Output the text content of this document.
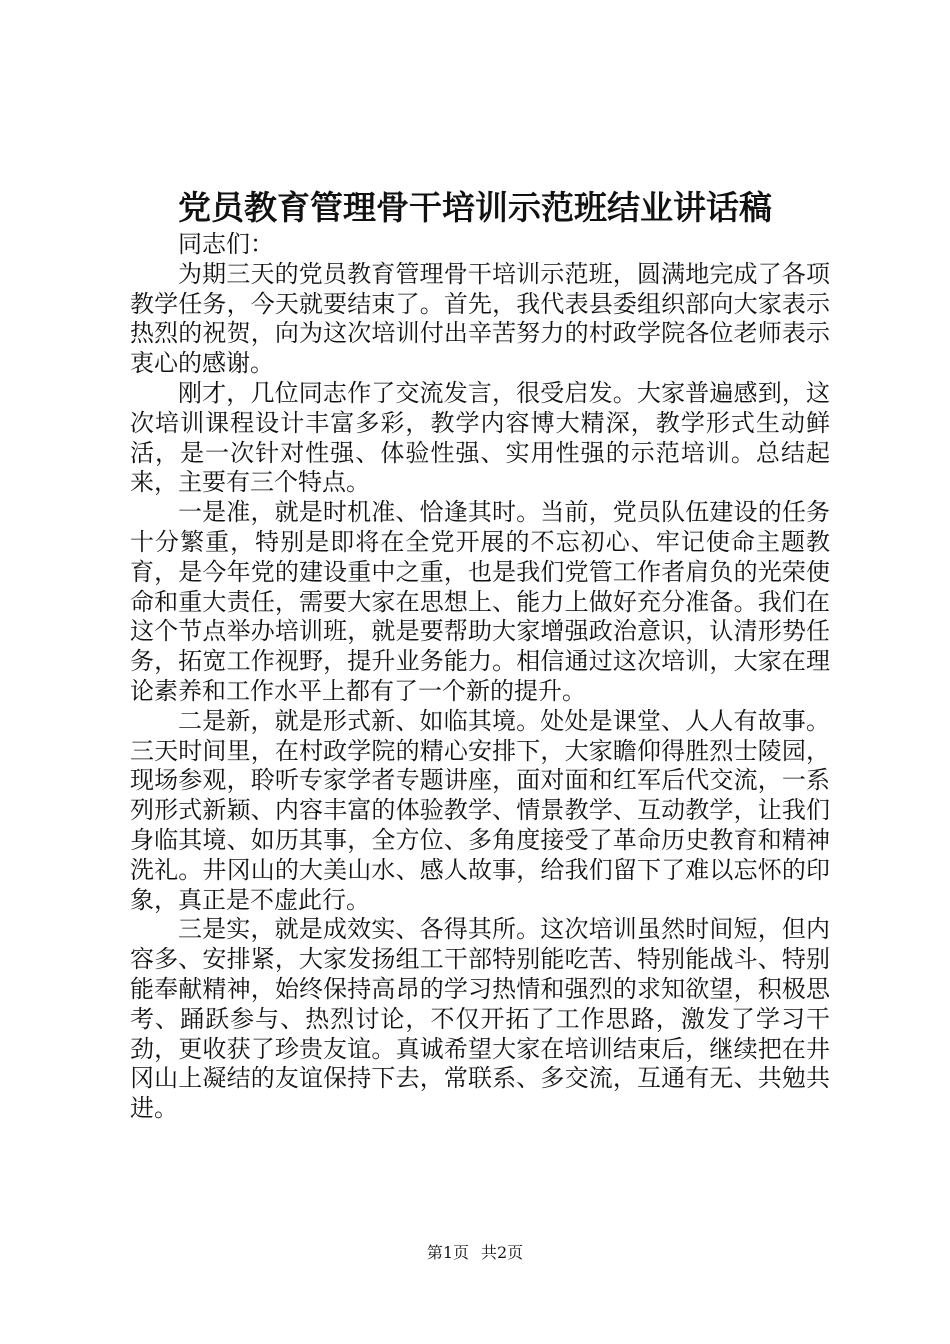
党员教育管理骨干培训示范班结业讲话稿

同志们：

为期三天的党员教育管理骨干培训示范班，圆满地完成了各项教学任务，今天就要结束了。首先，我代表县委组织部向大家表示热烈的祝贺，向为这次培训付出辛苦努力的村政学院各位老师表示衷心的感谢。

刚才，几位同志作了交流发言，很受启发。大家普遍感到，这次培训课程设计丰富多彩，教学内容博大精深，教学形式生动鲜活，是一次针对性强、体验性强、实用性强的示范培训。总结起来，主要有三个特点。

一是准，就是时机准、恰逢其时。当前，党员队伍建设的任务十分繁重，特别是即将在全党开展的不忘初心、牢记使命主题教育，是今年党的建设重中之重，也是我们党管工作者肩负的光荣使命和重大责任，需要大家在思想上、能力上做好充分准备。我们在这个节点举办培训班，就是要帮助大家增强政治意识，认清形势任务，拓宽工作视野，提升业务能力。相信通过这次培训，大家在理论素养和工作水平上都有了一个新的提升。

二是新，就是形式新、如临其境。处处是课堂、人人有故事。三天时间里，在村政学院的精心安排下，大家瞻仰得胜烈士陵园，现场参观，聆听专家学者专题讲座，面对面和红军后代交流，一系列形式新颖、内容丰富的体验教学、情景教学、互动教学，让我们身临其境、如历其事，全方位、多角度接受了革命历史教育和精神洗礼。井冈山的大美山水、感人故事，给我们留下了难以忘怀的印象，真正是不虚此行。

三是实，就是成效实、各得其所。这次培训虽然时间短，但内容多、安排紧，大家发扬组工干部特别能吃苦、特别能战斗、特别能奉献精神，始终保持高昂的学习热情和强烈的求知欲望，积极思考、踊跃参与、热烈讨论，不仅开拓了工作思路，激发了学习干劲，更收获了珍贵友谊。真诚希望大家在培训结束后，继续把在井冈山上凝结的友谊保持下去，常联系、多交流，互通有无、共勉共进。

第1页 共2页
